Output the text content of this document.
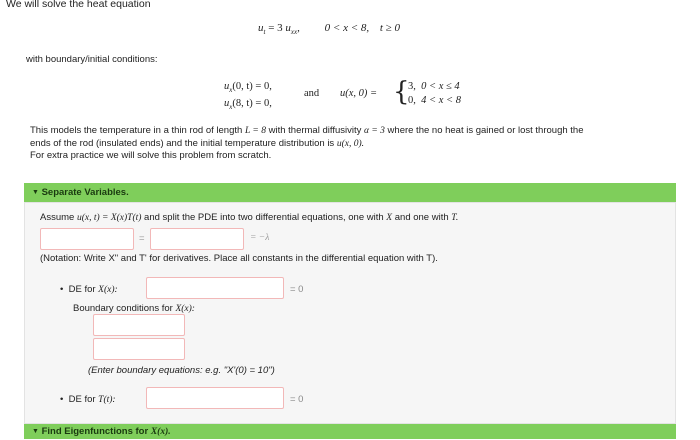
We will solve the heat equation
$u_t = 3$ $u_{xx}$, 0 < x < 8, t ≥ 0
with boundary/initial conditions:
$u_x(0$, t) = 0,
$u_x(8$, t) = 0,
and u(x, 0) = {
3, 0 < x ≤ 4
0, 4 < x < 8
This models the temperature in a thin rod of length L = 8 with thermal diffusivity α = 3 where the no heat is gained or lost through the
ends of the rod (insulated ends) and the initial temperature distribution is u(x, 0).
For extra practice we will solve this problem from scratch.
▼ Separate Variables.
Assume u(x, t) = X(x)T(t) and split the PDE into two differential equations, one with X and one with T.
=	= −λ
(Notation: Write X" and T' for derivatives. Place all constants in the differential equation with T).
• DE for X(x):	= 0
Boundary conditions for X(x):
(Enter boundary equations: e.g. "X'(0) = 10")
• DE for T(t):	= 0
▼ Find Eigenfunctions for X(x).
